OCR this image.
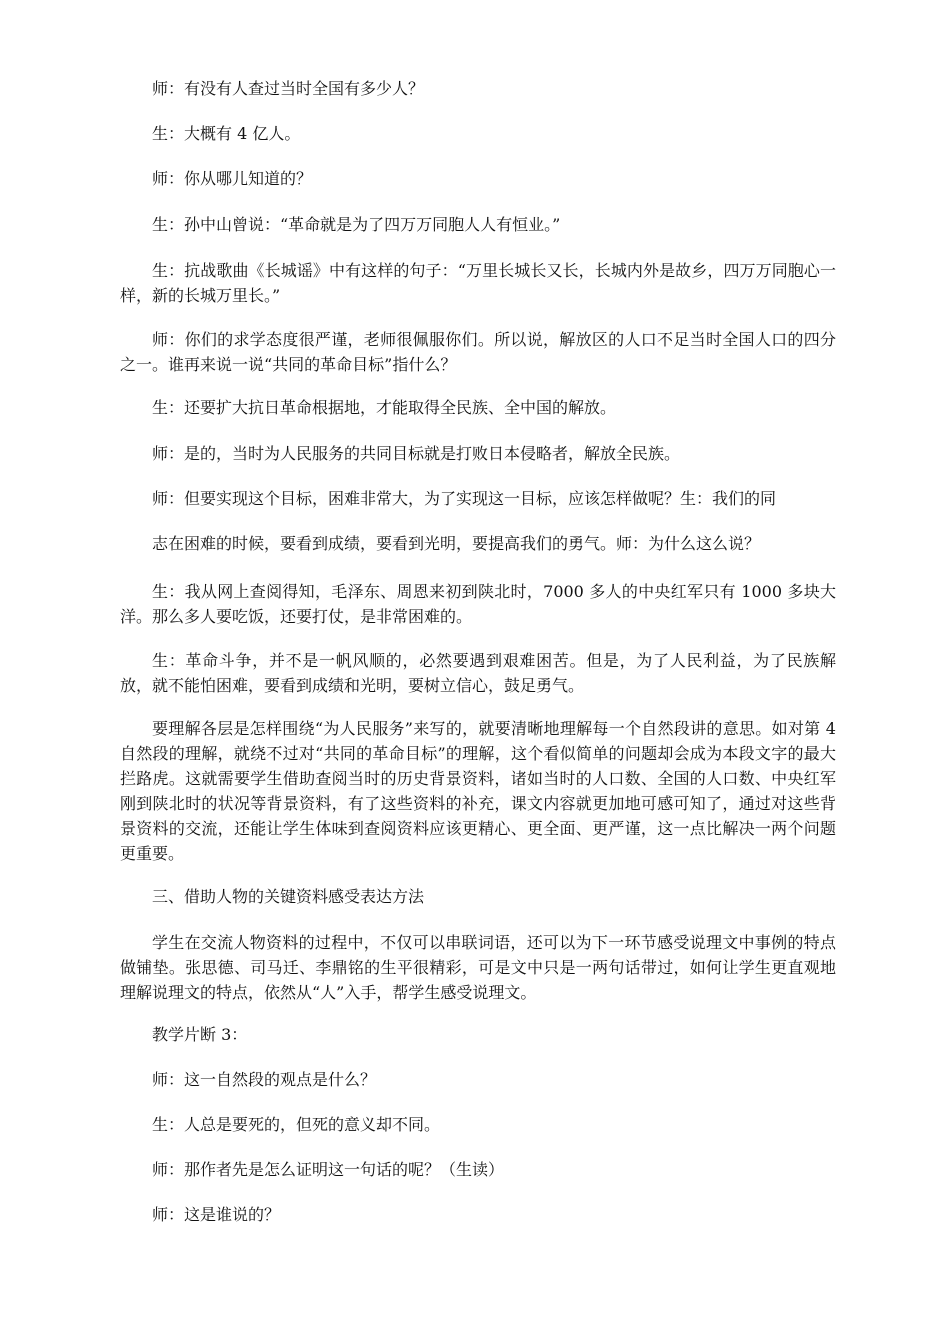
师：有没有人查过当时全国有多少人？

生：大概有 4 亿人。

师：你从哪儿知道的？

生：孙中山曾说：“革命就是为了四万万同胞人人有恒业。”

生：抗战歌曲《长城谣》中有这样的句子：“万里长城长又长，长城内外是故乡，四万万同胞心一样，新的长城万里长。”

师：你们的求学态度很严谨，老师很佩服你们。所以说，解放区的人口不足当时全国人口的四分之一。谁再来说一说“共同的革命目标”指什么？

生：还要扩大抗日革命根据地，才能取得全民族、全中国的解放。

师：是的，当时为人民服务的共同目标就是打败日本侵略者，解放全民族。

师：但要实现这个目标，困难非常大，为了实现这一目标，应该怎样做呢？生：我们的同

志在困难的时候，要看到成绩，要看到光明，要提高我们的勇气。师：为什么这么说？

生：我从网上查阅得知，毛泽东、周恩来初到陕北时，7000 多人的中央红军只有 1000 多块大洋。那么多人要吃饭，还要打仗，是非常困难的。

生：革命斗争，并不是一帆风顺的，必然要遇到艰难困苦。但是，为了人民利益，为了民族解放，就不能怕困难，要看到成绩和光明，要树立信心，鼓足勇气。

要理解各层是怎样围绕“为人民服务”来写的，就要清晰地理解每一个自然段讲的意思。如对第 4 自然段的理解，就绕不过对“共同的革命目标”的理解，这个看似简单的问题却会成为本段文字的最大拦路虎。这就需要学生借助查阅当时的历史背景资料，诸如当时的人口数、全国的人口数、中央红军刚到陕北时的状况等背景资料，有了这些资料的补充，课文内容就更加地可感可知了，通过对这些背景资料的交流，还能让学生体味到查阅资料应该更精心、更全面、更严谨，这一点比解决一两个问题更重要。

三、借助人物的关键资料感受表达方法

学生在交流人物资料的过程中，不仅可以串联词语，还可以为下一环节感受说理文中事例的特点做铺垫。张思德、司马迁、李鼎铭的生平很精彩，可是文中只是一两句话带过，如何让学生更直观地理解说理文的特点，依然从“人”入手，帮学生感受说理文。

教学片断 3：

师：这一自然段的观点是什么？

生：人总是要死的，但死的意义却不同。

师：那作者先是怎么证明这一句话的呢？（生读）

师：这是谁说的？
